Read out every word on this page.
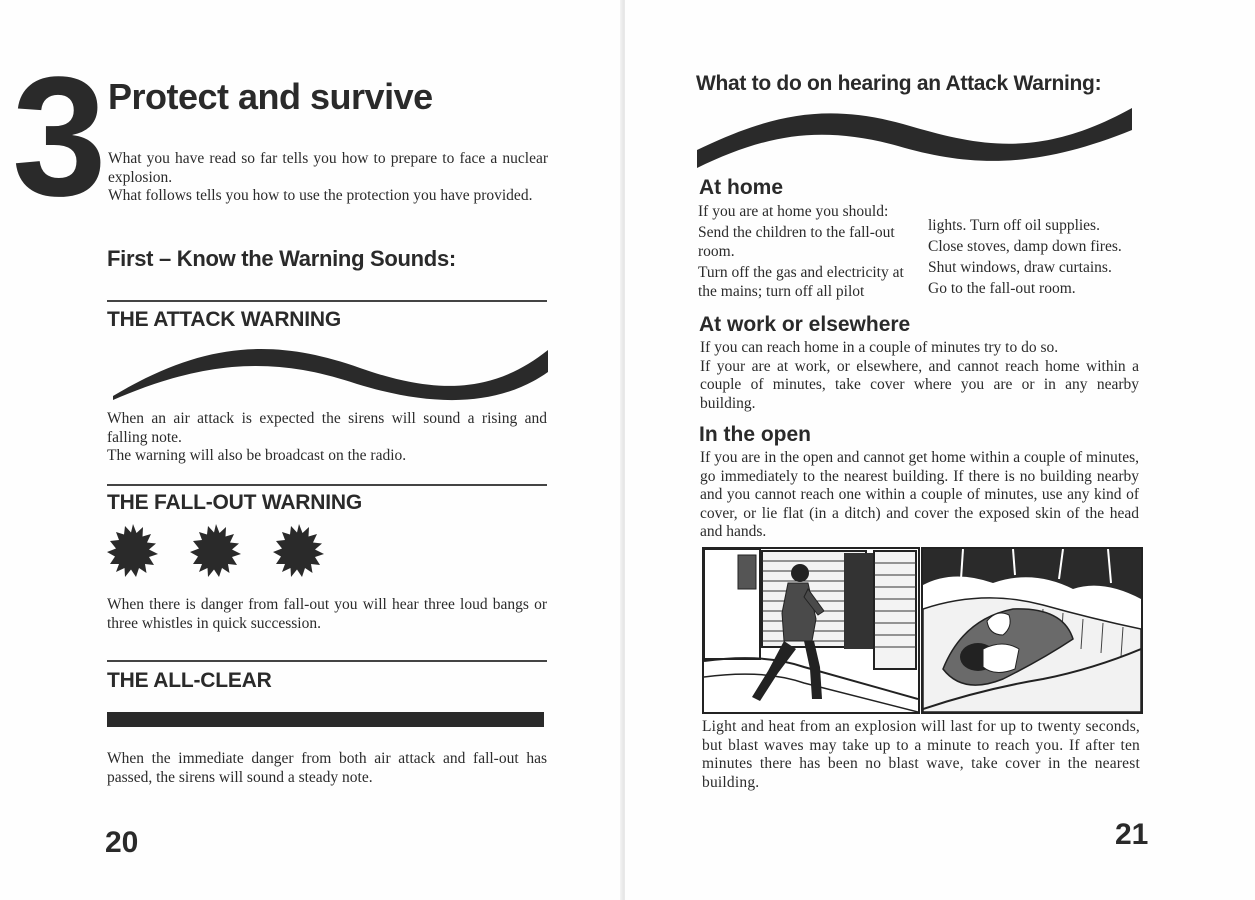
3 Protect and survive
What you have read so far tells you how to prepare to face a nuclear explosion.
What follows tells you how to use the protection you have provided.
First – Know the Warning Sounds:
THE ATTACK WARNING
When an air attack is expected the sirens will sound a rising and falling note.
The warning will also be broadcast on the radio.
THE FALL-OUT WARNING
When there is danger from fall-out you will hear three loud bangs or three whistles in quick succession.
THE ALL-CLEAR
When the immediate danger from both air attack and fall-out has passed, the sirens will sound a steady note.
20
What to do on hearing an Attack Warning:
At home
If you are at home you should:
Send the children to the fall-out room.
Turn off the gas and electricity at the mains; turn off all pilot
lights. Turn off oil supplies.
Close stoves, damp down fires.
Shut windows, draw curtains.
Go to the fall-out room.
At work or elsewhere
If you can reach home in a couple of minutes try to do so.
If your are at work, or elsewhere, and cannot reach home within a couple of minutes, take cover where you are or in any nearby building.
In the open
If you are in the open and cannot get home within a couple of minutes, go immediately to the nearest building. If there is no building nearby and you cannot reach one within a couple of minutes, use any kind of cover, or lie flat (in a ditch) and cover the exposed skin of the head and hands.
Light and heat from an explosion will last for up to twenty seconds, but blast waves may take up to a minute to reach you. If after ten minutes there has been no blast wave, take cover in the nearest building.
21
